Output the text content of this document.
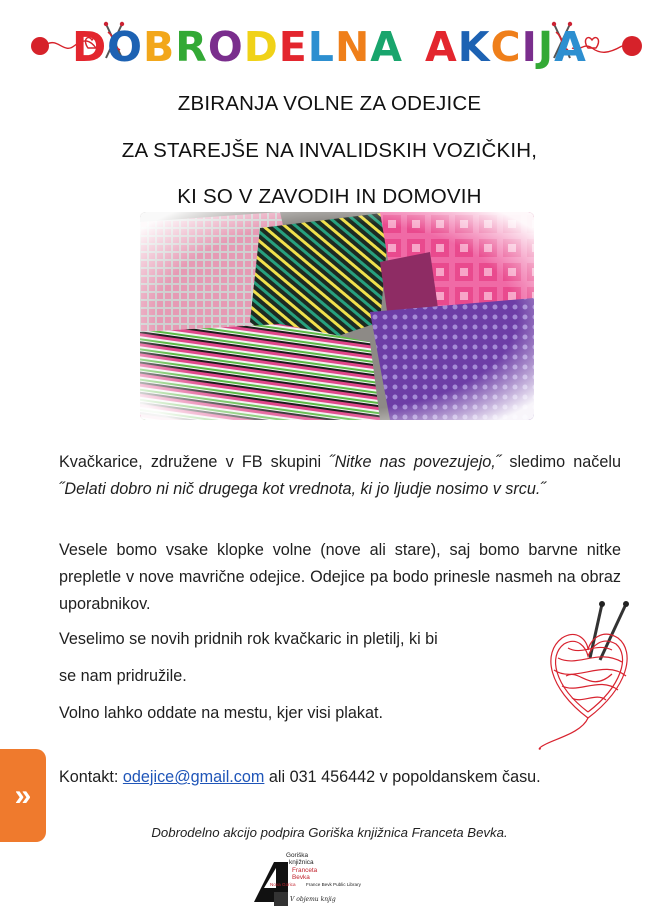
DOBRODELNA AKCIJA
ZBIRANJA VOLNE ZA ODEJICE
ZA STAREJŠE NA INVALIDSKIH VOZIČKIH,
KI SO V ZAVODIH IN DOMOVIH
Kvačkarice, združene v FB skupini ˝Nitke nas povezujejo,˝ sledimo načelu ˝Delati dobro ni nič drugega kot vrednota, ki jo ljudje nosimo v srcu.˝
Vesele bomo vsake klopke volne (nove ali stare), saj bomo barvne nitke prepletle v nove mavrične odejice. Odejice pa bodo prinesle nasmeh na obraz uporabnikov.
Veselimo se novih pridnih rok kvačkaric in pletilj, ki bi
se nam pridružile.
Volno lahko oddate na mestu, kjer visi plakat.
Kontakt: odejice@gmail.com ali 031 456442 v popoldanskem času.
»
Dobrodelno akcijo podpira Goriška knjižnica Franceta Bevka.
Goriška
knjižnica
Franceta
Bevka
Nova Gorica France Bevk Public Library
V objemu knjig
